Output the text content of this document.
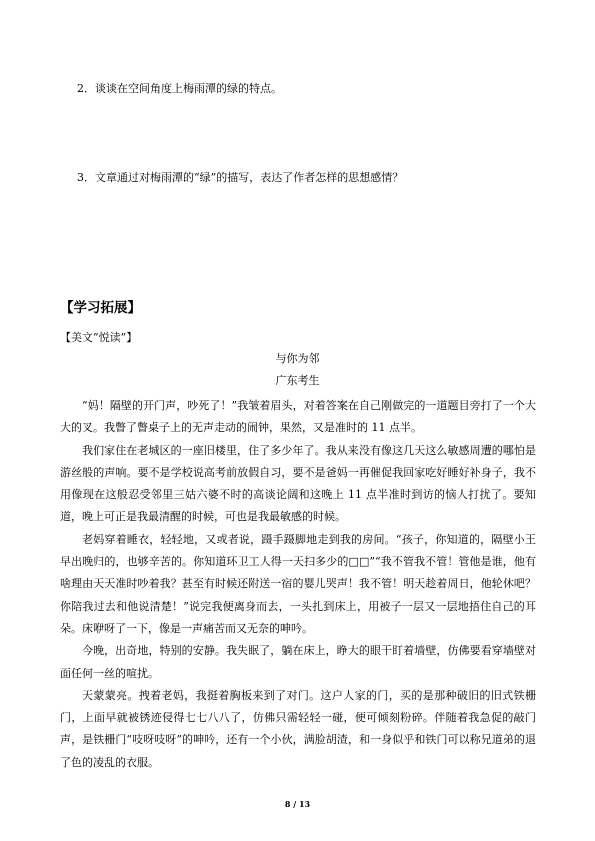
2．谈谈在空间角度上梅雨潭的绿的特点。
3．文章通过对梅雨潭的“绿”的描写，表达了作者怎样的思想感情？
【学习拓展】
【美文“悦读”】
与你为邻
广东考生

“妈！隔壁的开门声，吵死了！”我皱着眉头，对着答案在自己刚做完的一道题目旁打了一个大大的叉。我瞥了瞥桌子上的无声走动的闹钟，果然，又是准时的 11 点半。

我们家住在老城区的一座旧楼里，住了多少年了。我从来没有像这几天这么敏感周遭的哪怕是游丝般的声响。要不是学校说高考前放假自习，要不是爸妈一再催促我回家吃好睡好补身子，我不用像现在这般忍受邻里三姑六婆不时的高谈论阔和这晚上 11 点半准时到访的恼人打扰了。要知道，晚上可正是我最清醒的时候，可也是我最敏感的时候。

老妈穿着睡衣，轻轻地，又或者说，蹑手蹑脚地走到我的房间。“孩子，你知道的，隔壁小王早出晚归的，也够辛苦的。你知道环卫工人得一天扫多少的□□”“我不管我不管！管他是谁，他有啥理由天天准时吵着我？甚至有时候还附送一宿的婴儿哭声！我不管！明天趁着周日，他轮休吧？你陪我过去和他说清楚！”说完我便离身而去，一头扎到床上，用被子一层又一层地捂住自己的耳朵。床咿呀了一下，像是一声痛苦而又无奈的呻吟。

今晚，出奇地，特别的安静。我失眠了，躺在床上，睁大的眼干盯着墙壁，仿佛要看穿墙壁对面任何一丝的喧扰。

天蒙蒙亮。拽着老妈，我挺着胸板来到了对门。这户人家的门，买的是那种破旧的旧式铁栅门，上面早就被锈迹侵得七七八八了，仿佛只需轻轻一碰，便可倾刻粉碎。伴随着我急促的敲门声，是铁栅门“吱呀吱呀”的呻吟，还有一个小伙，满脸胡渣，和一身似乎和铁门可以称兄道弟的退了色的凌乱的衣服。

8 / 13
